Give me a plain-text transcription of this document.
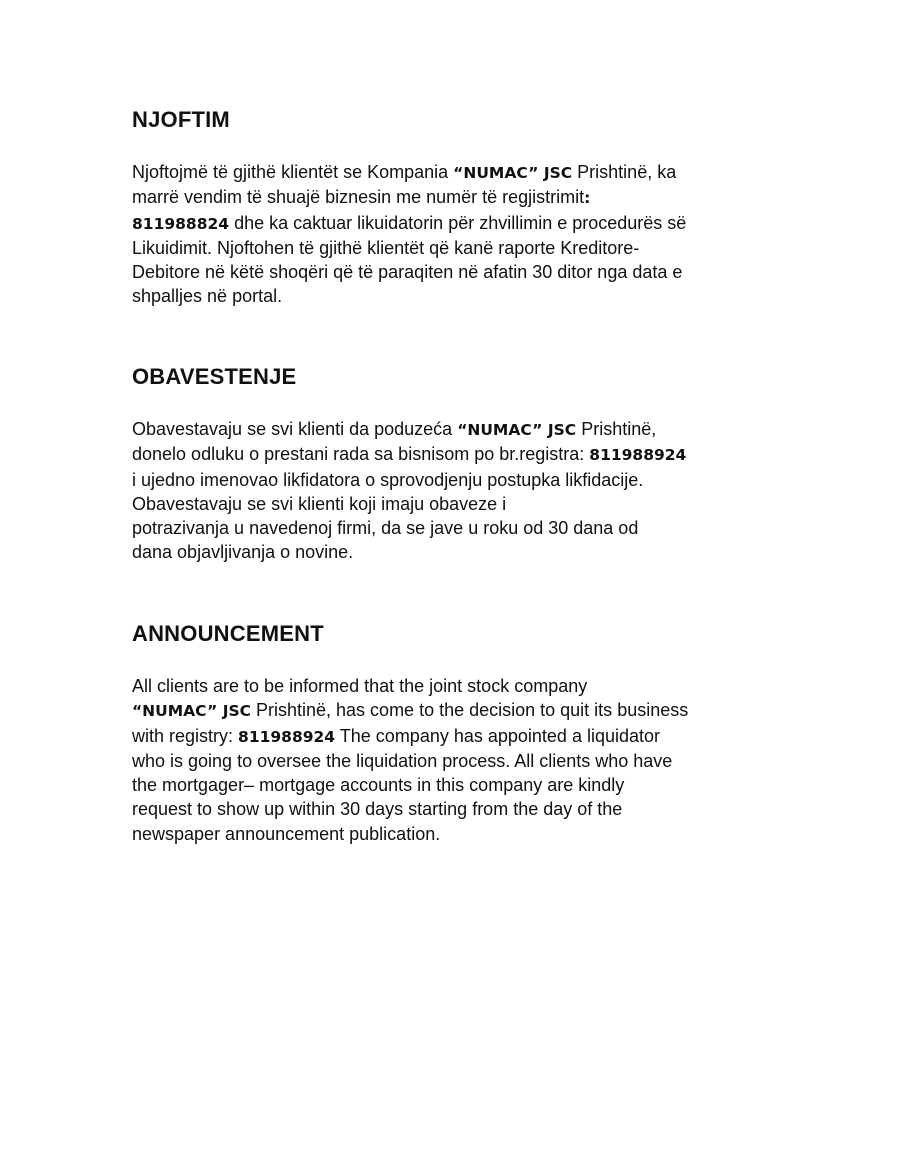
NJOFTIM
Njoftojmë të gjithë klientët se Kompania “NUMAC” JSC Prishtinë, ka
marrë vendim të shuajë biznesin me numër të regjistrimit:
811988824 dhe ka caktuar likuidatorin për zhvillimin e procedurës së
Likuidimit. Njoftohen të gjithë klientët që kanë raporte Kreditore-
Debitore në këtë shoqëri që të paraqiten në afatin 30 ditor nga data e
shpalljes në portal.
OBAVESTENJE
Obavestavaju se svi klienti da poduzeća “NUMAC” JSC Prishtinë,
donelo odluku o prestani rada sa bisnisom po br.registra: 811988924
i ujedno imenovao likfidatora o sprovodjenju postupka likfidacije.
Obavestavaju se svi klienti koji imaju obaveze i
potrazivanja u navedenoj firmi, da se jave u roku od 30 dana od
dana objavljivanja o novine.
ANNOUNCEMENT
All clients are to be informed that the joint stock company
“NUMAC” JSC Prishtinë, has come to the decision to quit its business
with registry: 811988924 The company has appointed a liquidator
who is going to oversee the liquidation process. All clients who have
the mortgager– mortgage accounts in this company are kindly
request to show up within 30 days starting from the day of the
newspaper announcement publication.
